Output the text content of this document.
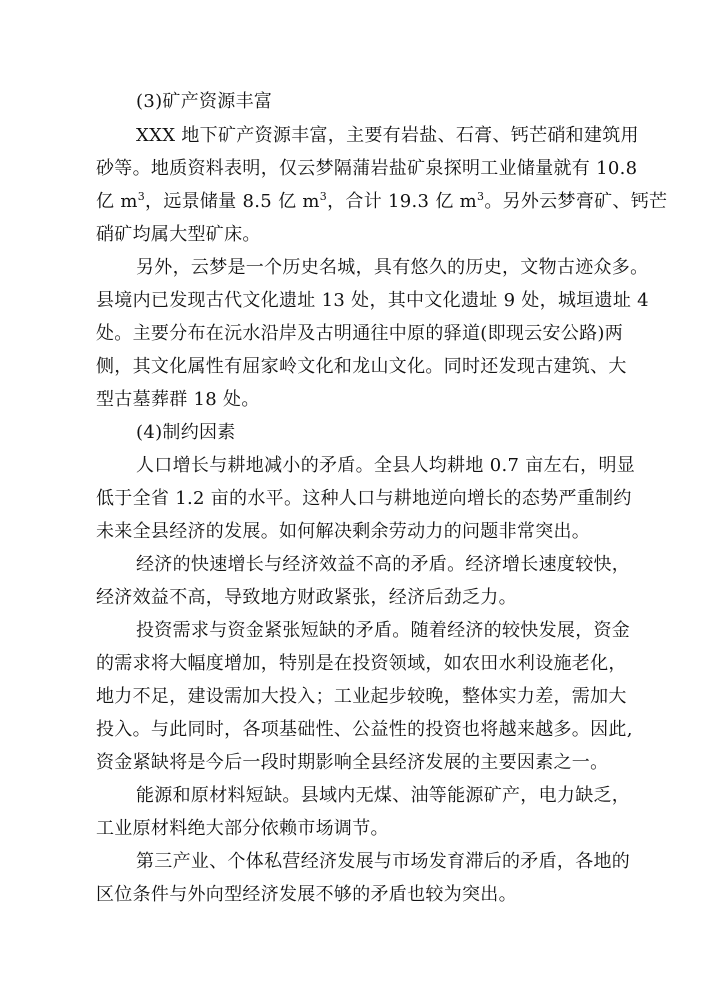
(3)矿产资源丰富

XXX 地下矿产资源丰富，主要有岩盐、石膏、钙芒硝和建筑用

砂等。地质资料表明，仅云梦隔蒲岩盐矿泉探明工业储量就有 10.8

亿 $m^3$，远景储量 8.5 亿 $m^3$，合计 19.3 亿 $m^3$。另外云梦膏矿、钙芒

硝矿均属大型矿床。

另外，云梦是一个历史名城，具有悠久的历史，文物古迹众多。

县境内已发现古代文化遗址 13 处，其中文化遗址 9 处，城垣遗址 4

处。主要分布在沅水沿岸及古明通往中原的驿道(即现云安公路)两

侧，其文化属性有屈家岭文化和龙山文化。同时还发现古建筑、大

型古墓葬群 18 处。

(4)制约因素

人口增长与耕地减小的矛盾。全县人均耕地 0.7 亩左右，明显

低于全省 1.2 亩的水平。这种人口与耕地逆向增长的态势严重制约

未来全县经济的发展。如何解决剩余劳动力的问题非常突出。

经济的快速增长与经济效益不高的矛盾。经济增长速度较快，

经济效益不高，导致地方财政紧张，经济后劲乏力。

投资需求与资金紧张短缺的矛盾。随着经济的较快发展，资金

的需求将大幅度增加，特别是在投资领域，如农田水利设施老化，

地力不足，建设需加大投入；工业起步较晚，整体实力差，需加大

投入。与此同时，各项基础性、公益性的投资也将越来越多。因此,

资金紧缺将是今后一段时期影响全县经济发展的主要因素之一。

能源和原材料短缺。县域内无煤、油等能源矿产，电力缺乏，

工业原材料绝大部分依赖市场调节。

第三产业、个体私营经济发展与市场发育滞后的矛盾，各地的

区位条件与外向型经济发展不够的矛盾也较为突出。
